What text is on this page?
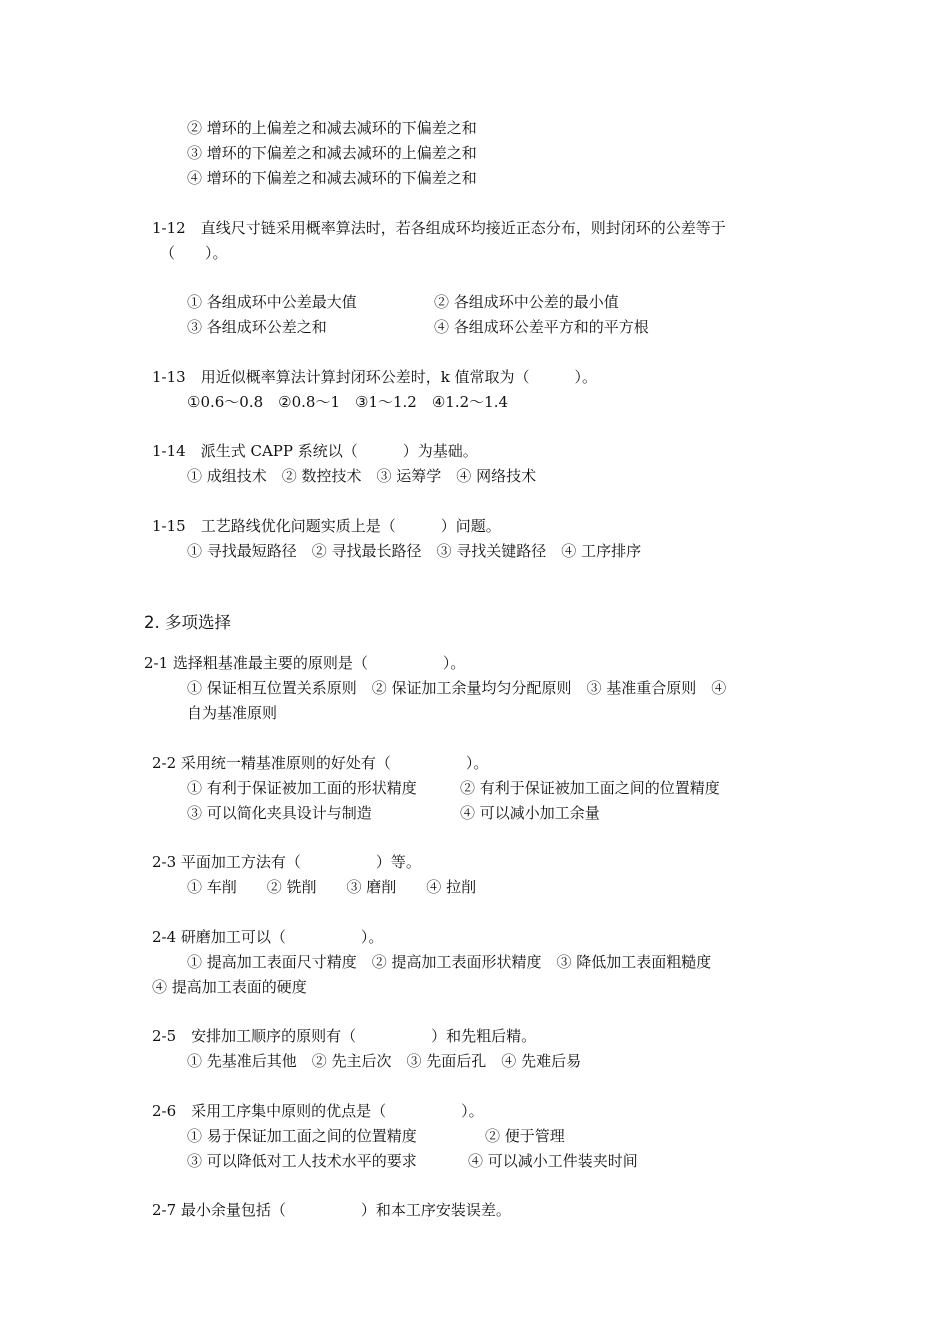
② 增环的上偏差之和减去减环的下偏差之和
③ 增环的下偏差之和减去减环的上偏差之和
④ 增环的下偏差之和减去减环的下偏差之和
1-12　直线尺寸链采用概率算法时，若各组成环均接近正态分布，则封闭环的公差等于
（　　）。
① 各组成环中公差最大值	② 各组成环中公差的最小值
③ 各组成环公差之和	④ 各组成环公差平方和的平方根
1-13　用近似概率算法计算封闭环公差时，k 值常取为（　　　）。
①0.6～0.8　②0.8～1　③1～1.2　④1.2～1.4
1-14　派生式 CAPP 系统以（　　　）为基础。
① 成组技术　② 数控技术　③ 运筹学　④ 网络技术
1-15　工艺路线优化问题实质上是（　　　）问题。
① 寻找最短路径　② 寻找最长路径　③ 寻找关键路径　④ 工序排序
2. 多项选择
2-1 选择粗基准最主要的原则是（　　　　　）。
① 保证相互位置关系原则　② 保证加工余量均匀分配原则　③ 基准重合原则　④
自为基准原则
2-2 采用统一精基准原则的好处有（　　　　　）。
① 有利于保证被加工面的形状精度	② 有利于保证被加工面之间的位置精度
③ 可以简化夹具设计与制造	④ 可以减小加工余量
2-3 平面加工方法有（　　　　　）等。
① 车削　　② 铣削　　③ 磨削　　④ 拉削
2-4 研磨加工可以（　　　　　）。
① 提高加工表面尺寸精度　② 提高加工表面形状精度　③ 降低加工表面粗糙度
④ 提高加工表面的硬度
2-5　安排加工顺序的原则有（　　　　　）和先粗后精。
① 先基准后其他　② 先主后次　③ 先面后孔　④ 先难后易
2-6　采用工序集中原则的优点是（　　　　　）。
① 易于保证加工面之间的位置精度	② 便于管理
③ 可以降低对工人技术水平的要求	④ 可以减小工件装夹时间
2-7 最小余量包括（　　　　　）和本工序安装误差。
